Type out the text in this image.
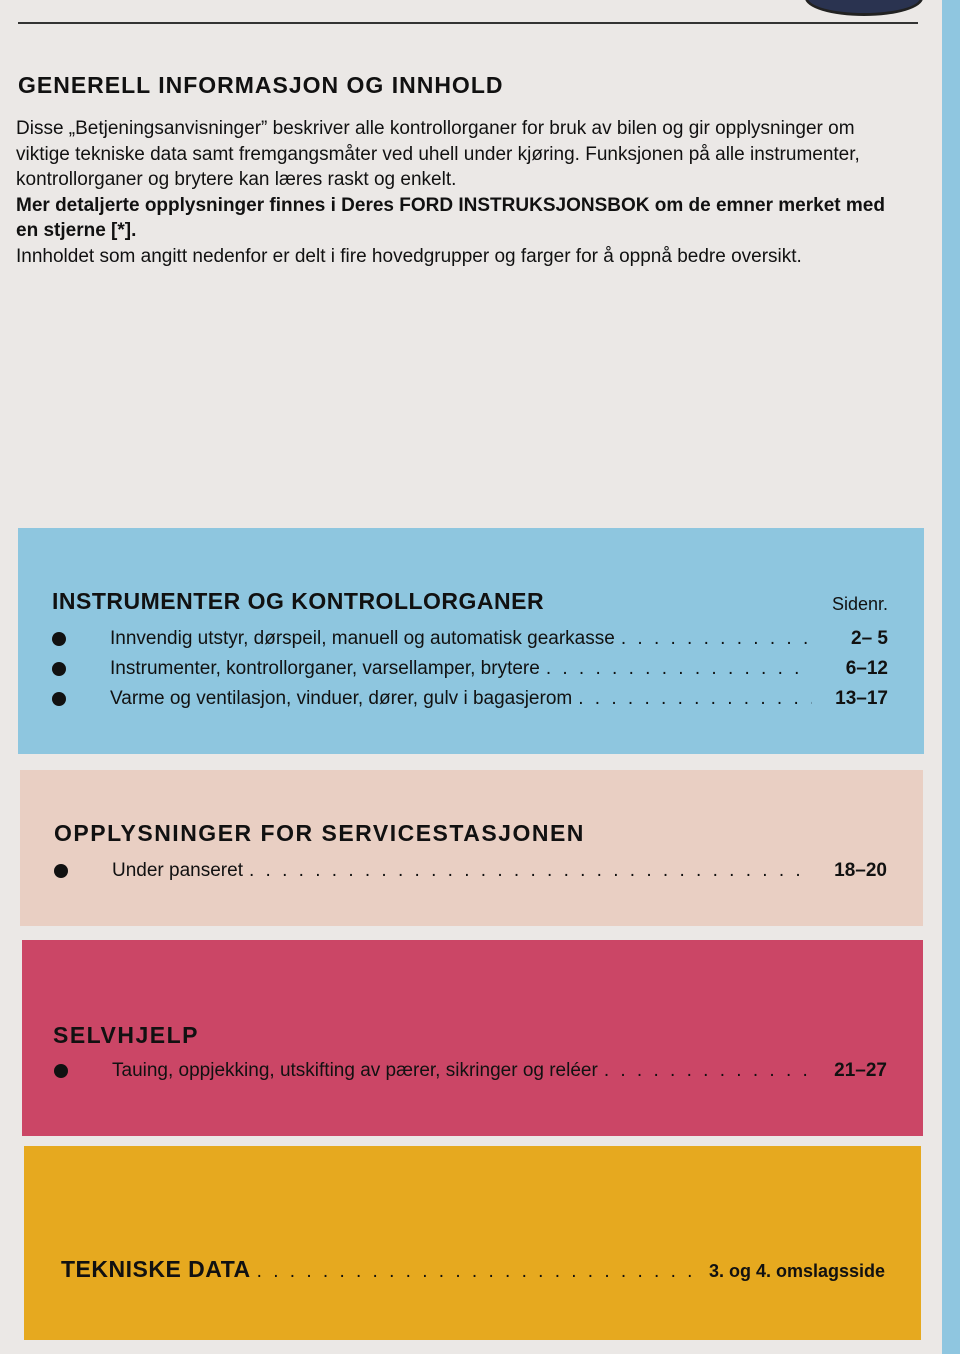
GENERELL INFORMASJON OG INNHOLD
Disse „Betjeningsanvisninger” beskriver alle kontrollorganer for bruk av bilen og gir opplysninger om viktige tekniske data samt fremgangsmåter ved uhell under kjøring. Funksjonen på alle instrumenter, kontrollorganer og brytere kan læres raskt og enkelt.
Mer detaljerte opplysninger finnes i Deres FORD INSTRUKSJONSBOK om de emner merket med en stjerne [*].
Innholdet som angitt nedenfor er delt i fire hovedgrupper og farger for å oppnå bedre oversikt.
INSTRUMENTER OG KONTROLLORGANER	Sidenr.
Innvendig utstyr, dørspeil, manuell og automatisk gearkasse . . .	2– 5
Instrumenter, kontrollorganer, varsellamper, brytere . . .	6–12
Varme og ventilasjon, vinduer, dører, gulv i bagasjerom . . .	13–17
OPPLYSNINGER FOR SERVICESTASJONEN
Under panseret . . .	18–20
SELVHJELP
Tauing, oppjekking, utskifting av pærer, sikringer og reléer . . .	21–27
TEKNISKE DATA . . .	3. og 4. omslagsside
